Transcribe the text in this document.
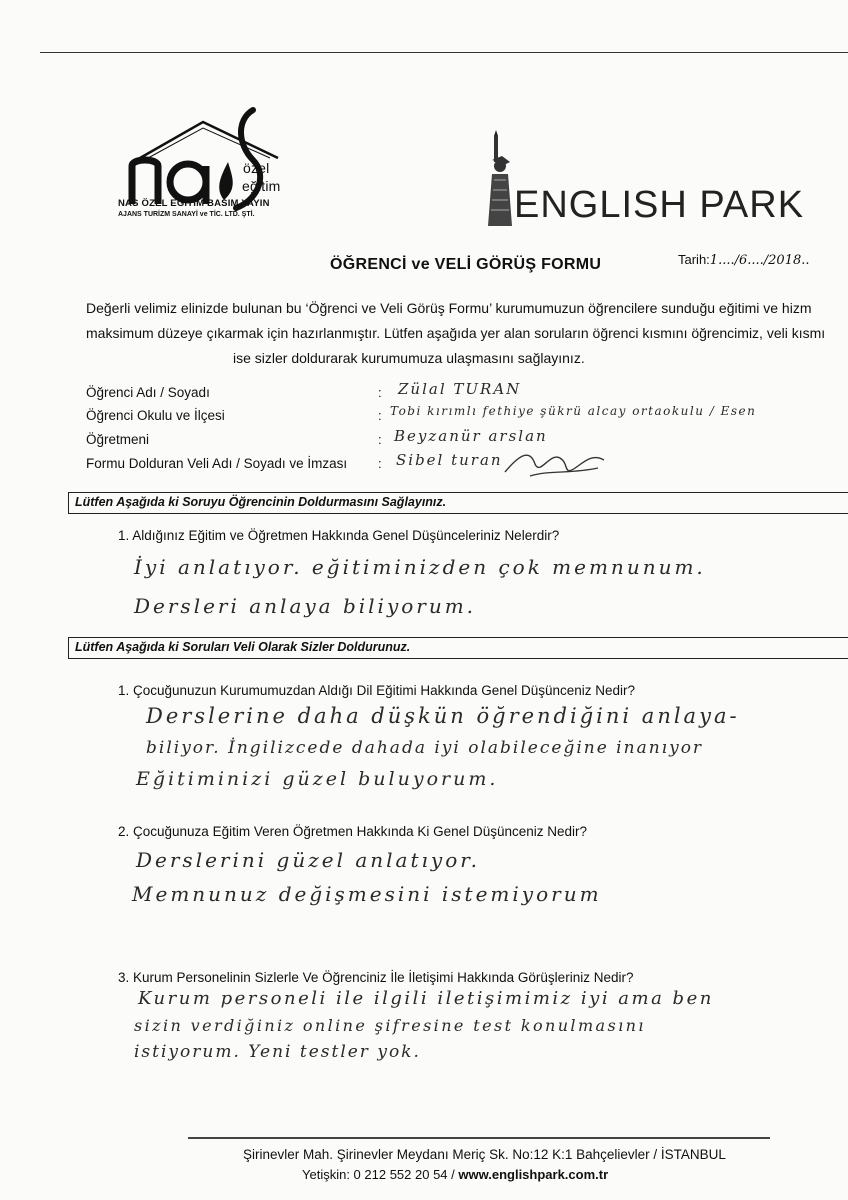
özel
eğitim
NAS ÖZEL EĞİTİM BASIM YAYIN
AJANS TURİZM SANAYİ ve TİC. LTD. ŞTİ.	ENGLISH PARK
ÖĞRENCİ ve VELİ GÖRÜŞ FORMU	Tarih:1..../6..../2018..
Değerli velimiz elinizde bulunan bu ‘Öğrenci ve Veli Görüş Formu’ kurumumuzun öğrencilere sunduğu eğitimi ve hizm
maksimum düzeye çıkarmak için hazırlanmıştır. Lütfen aşağıda yer alan soruların öğrenci kısmını öğrencimiz, veli kısmı
ise sizler doldurarak kurumumuza ulaşmasını sağlayınız.
Öğrenci Adı / Soyadı	: Zülal TURAN
Öğrenci Okulu ve İlçesi	: Tobi kırımlı fethiye şükrü alcay ortaokulu / Esen
Öğretmeni	: Beyzanür arslan
Formu Dolduran Veli Adı / Soyadı ve İmzası : Sibel turan
Lütfen Aşağıda ki Soruyu Öğrencinin Doldurmasını Sağlayınız.
1. Aldığınız Eğitim ve Öğretmen Hakkında Genel Düşünceleriniz Nelerdir?
İyi anlatıyor. eğitiminizden çok memnunum.
Dersleri anlaya biliyorum.
Lütfen Aşağıda ki Soruları Veli Olarak Sizler Doldurunuz.
1. Çocuğunuzun Kurumumuzdan Aldığı Dil Eğitimi Hakkında Genel Düşünceniz Nedir?
Derslerine daha düşkün öğrendiğini anlaya-
biliyor. İngilizcede dahada iyi olabileceğine inanıyor
Eğitiminizi güzel buluyorum.
2. Çocuğunuza Eğitim Veren Öğretmen Hakkında Ki Genel Düşünceniz Nedir?
Derslerini güzel anlatıyor.
Memnunuz değişmesini istemiyorum
3. Kurum Personelinin Sizlerle Ve Öğrenciniz İle İletişimi Hakkında Görüşleriniz Nedir?
Kurum personeli ile ilgili iletişimimiz iyi ama ben
sizin verdiğiniz online şifresine test konulmasını
istiyorum. Yeni testler yok.
Şirinevler Mah. Şirinevler Meydanı Meriç Sk. No:12 K:1 Bahçelievler / İSTANBUL
Yetişkin: 0 212 552 20 54 / www.englishpark.com.tr
